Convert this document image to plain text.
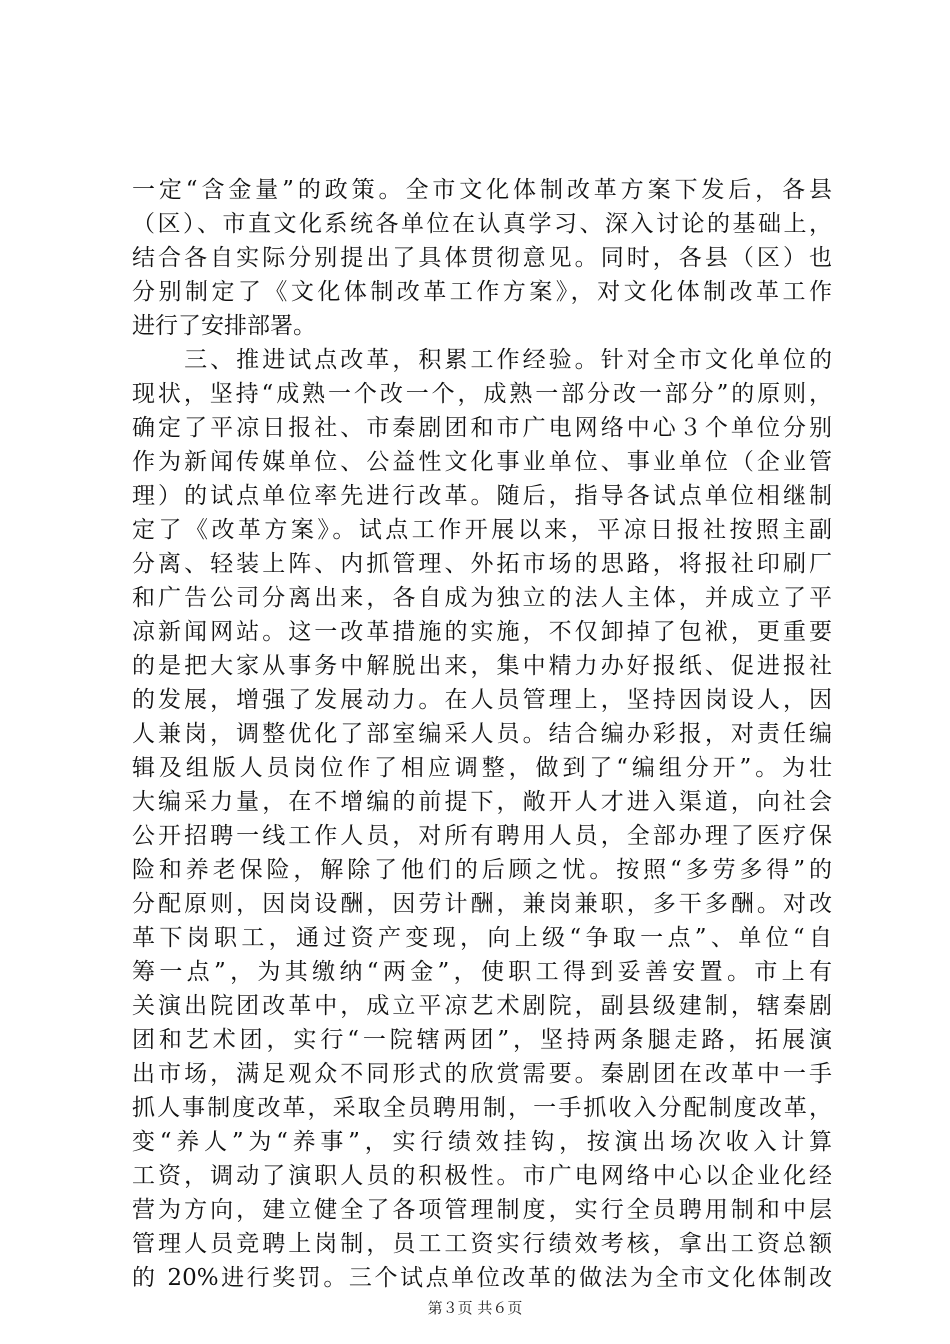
一定“含金量”的政策。全市文化体制改革方案下发后，各县
（区）、市直文化系统各单位在认真学习、深入讨论的基础上，
结合各自实际分别提出了具体贯彻意见。同时，各县（区）也
分别制定了《文化体制改革工作方案》，对文化体制改革工作
进行了安排部署。
　　三、推进试点改革，积累工作经验。针对全市文化单位的
现状，坚持“成熟一个改一个，成熟一部分改一部分”的原则，
确定了平凉日报社、市秦剧团和市广电网络中心３个单位分别
作为新闻传媒单位、公益性文化事业单位、事业单位（企业管
理）的试点单位率先进行改革。随后，指导各试点单位相继制
定了《改革方案》。试点工作开展以来，平凉日报社按照主副
分离、轻装上阵、内抓管理、外拓市场的思路，将报社印刷厂
和广告公司分离出来，各自成为独立的法人主体，并成立了平
凉新闻网站。这一改革措施的实施，不仅卸掉了包袱，更重要
的是把大家从事务中解脱出来，集中精力办好报纸、促进报社
的发展，增强了发展动力。在人员管理上，坚持因岗设人，因
人兼岗，调整优化了部室编采人员。结合编办彩报，对责任编
辑及组版人员岗位作了相应调整，做到了“编组分开”。为壮
大编采力量，在不增编的前提下，敞开人才进入渠道，向社会
公开招聘一线工作人员，对所有聘用人员，全部办理了医疗保
险和养老保险，解除了他们的后顾之忧。按照“多劳多得”的
分配原则，因岗设酬，因劳计酬，兼岗兼职，多干多酬。对改
革下岗职工，通过资产变现，向上级“争取一点”、单位“自
筹一点”，为其缴纳“两金”，使职工得到妥善安置。市上有
关演出院团改革中，成立平凉艺术剧院，副县级建制，辖秦剧
团和艺术团，实行“一院辖两团”，坚持两条腿走路，拓展演
出市场，满足观众不同形式的欣赏需要。秦剧团在改革中一手
抓人事制度改革，采取全员聘用制，一手抓收入分配制度改革，
变“养人”为“养事”，实行绩效挂钩，按演出场次收入计算
工资，调动了演职人员的积极性。市广电网络中心以企业化经
营为方向，建立健全了各项管理制度，实行全员聘用制和中层
管理人员竞聘上岗制，员工工资实行绩效考核，拿出工资总额
的 20%进行奖罚。三个试点单位改革的做法为全市文化体制改
第３页 共６页
